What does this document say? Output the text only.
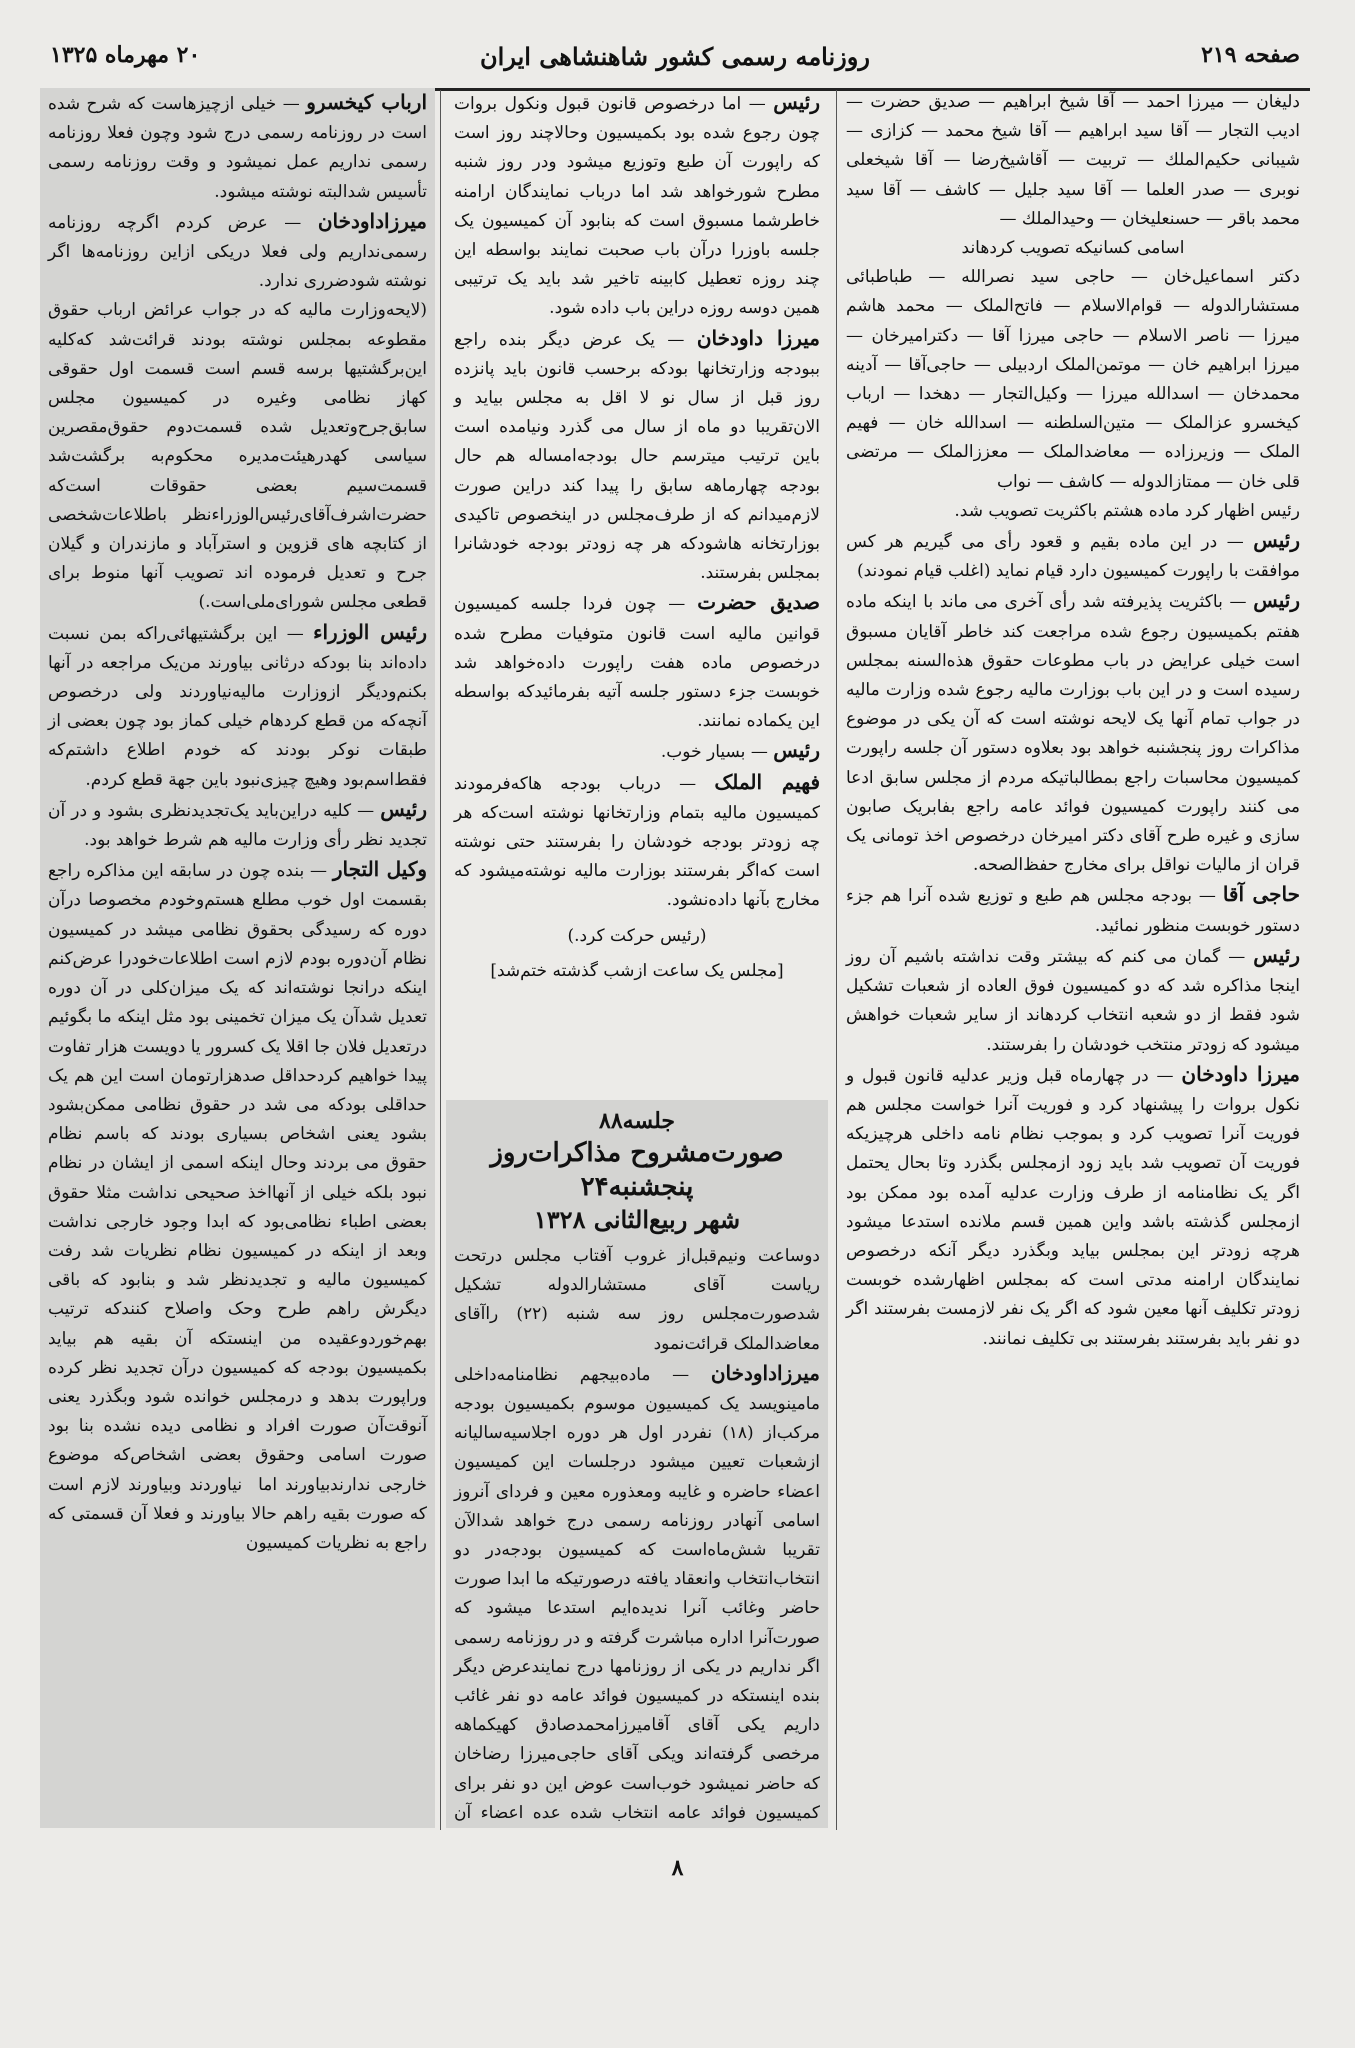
صفحه ۲۱۹
روزنامه رسمی کشور شاهنشاهی ایران
۲۰ مهرماه ۱۳۲۵

دليغان — ميرزا احمد — آقا شيخ ابراهيم — صديق حضرت — اديب التجار — آقا سيد ابراهيم — آقا شيخ محمد — كزازى — شيبانى حكيم‌الملك — تربيت — آقاشيخ‌رضا — آقا شيخعلى نوبرى — صدر العلما — آقا سيد جليل — كاشف — آقا سيد محمد باقر — حسنعليخان — وحيدالملك —

اسامی کسانیکه تصویب کردهاند

دکتر اسماعیل‌خان — حاجی سید نصرالله — طباطبائی مستشارالدوله — قوام‌الاسلام — فاتح‌الملک — محمد هاشم میرزا — ناصر الاسلام — حاجی میرزا آقا — دکترامیرخان — میرزا ابراهیم خان — موتمن‌الملک اردبیلی — حاجی‌آقا — آدینه محمدخان — اسدالله میرزا — وکیل‌التجار — دهخدا — ارباب کیخسرو عزالملک — متین‌السلطنه — اسدالله خان — فهیم الملک — وزیرزاده — معاضدالملک — معززالملک — مرتضی قلی خان — ممتازالدوله — کاشف — نواب

رئیس اظهار کرد ماده هشتم باکثریت تصویب شد.

رئیس — در این ماده بقیم و قعود رأی می گیریم هر کس موافقت با راپورت کمیسیون دارد قیام نماید (اغلب قیام نمودند)

رئیس — باکثریت پذیرفته شد رأی آخری می ماند با اینکه ماده هفتم بکمیسیون رجوع شده مراجعت کند خاطر آقایان مسبوق است خیلی عرایض در باب مطوعات حقوق هذه‌السنه بمجلس رسیده است و در این باب بوزارت مالیه رجوع شده وزارت مالیه در جواب تمام آنها یک لایحه نوشته است که آن یکی در موضوع مذاکرات روز پنجشنبه خواهد بود بعلاوه دستور آن جلسه راپورت کمیسیون محاسبات راجع بمطالباتیکه مردم از مجلس سابق ادعا می کنند راپورت کمیسیون فوائد عامه راجع بفابریک صابون سازی و غیره طرح آقای دکتر امیرخان درخصوص اخذ تومانی یک قران از مالیات نواقل برای مخارج حفظ‌الصحه.

حاجی آقا — بودجه مجلس هم طبع و توزیع شده آنرا هم جزء دستور خوبست منظور نمائید.

رئیس — گمان می کنم که بیشتر وقت نداشته باشیم آن روز اینجا مذاکره شد که دو کمیسیون فوق العاده از شعبات تشکیل شود فقط از دو شعبه انتخاب کردهاند از سایر شعبات خواهش میشود که زودتر منتخب خودشان را بفرستند.

میرزا داودخان — در چهارماه قبل وزیر عدلیه قانون قبول و نکول بروات را پیشنهاد کرد و فوریت آنرا خواست مجلس هم فوریت آنرا تصویب کرد و بموجب نظام نامه داخلی هرچیزیکه فوریت آن تصویب شد باید زود ازمجلس بگذرد وتا بحال یحتمل اگر یک نظامنامه از طرف وزارت عدلیه آمده بود ممکن بود ازمجلس گذشته باشد واین همین قسم ملانده استدعا میشود هرچه زودتر این بمجلس بیاید وبگذرد دیگر آنکه درخصوص نمایندگان ارامنه مدتی است که بمجلس اظهارشده خوبست زودتر تکلیف آنها معین شود که اگر یک نفر لازمست بفرستند اگر دو نفر باید بفرستند بفرستند بی تکلیف نمانند.

رئیس — اما درخصوص قانون قبول ونکول بروات چون رجوع شده بود بکمیسیون وحالاچند روز است که راپورت آن طبع وتوزیع میشود ودر روز شنبه مطرح شورخواهد شد اما درباب نمایندگان ارامنه خاطرشما مسبوق است که بنابود آن کمیسیون یک جلسه باوزرا درآن باب صحبت نمایند بواسطه این چند روزه تعطیل کابینه تاخیر شد باید یک ترتیبی همین دوسه روزه دراین باب داده شود.

میرزا داودخان — یک عرض دیگر بنده راجع ببودجه وزارتخانها بودکه برحسب قانون باید پانزده روز قبل از سال نو لا اقل به مجلس بیاید و الان‌تقریبا دو ماه از سال می گذرد ونیامده است باین ترتیب میترسم حال بودجه‌امساله هم حال بودجه چهارماهه سابق را پیدا کند دراین صورت لازم‌میدانم که از طرف‌مجلس در اینخصوص تاکیدی بوزارتخانه هاشودکه هر چه زودتر بودجه خودشانرا بمجلس بفرستند.

صدیق حضرت — چون فردا جلسه کمیسیون قوانین مالیه است قانون متوفیات مطرح شده درخصوص ماده هفت راپورت داده‌خواهد شد خوبست جزء دستور جلسه آتیه بفرمائیدکه بواسطه این یکماده نمانند.

رئیس — بسیار خوب.

فهیم الملک — درباب بودجه هاکه‌فرمودند کمیسیون مالیه بتمام وزارتخانها نوشته است‌که هر چه زودتر بودجه خودشان را بفرستند حتی نوشته است که‌اگر بفرستند بوزارت مالیه نوشته‌میشود که مخارج بآنها داده‌نشود.

(رئیس حرکت کرد.)

[مجلس یک ساعت ازشب گذشته ختم‌شد]

جلسه۸۸
صورت‌مشروح مذاکرات‌روز پنجشنبه۲۴
شهر ربیع‌الثانی ۱۳۲۸

دوساعت ونیم‌قبل‌از غروب آفتاب مجلس درتحت ریاست آقای مستشارالدوله تشکیل شدصورت‌مجلس روز سه شنبه (۲۲) راآقای معاضدالملک قرائت‌نمود

میرزاداودخان — ماده‌بیجهم نظامنامه‌داخلی مامینویسد یک کمیسیون موسوم بکمیسیون بودجه مرکب‌از (۱۸) نفردر اول هر دوره اجلاسیه‌سالیانه ازشعبات تعیین میشود درجلسات این کمیسیون اعضاء حاضره و غایبه ومعذوره معین و فردای آنروز اسامی آنهادر روزنامه رسمی درج خواهد شد‌الآن تقریبا شش‌ماه‌است که کمیسیون بودجه‌در دو انتخاب‌انتخاب وانعقاد یافته درصورتیکه ما ابدا صورت حاضر وغائب آنرا ندیده‌ایم استدعا میشود که صورت‌آنرا اداره مباشرت گرفته و در روزنامه رسمی اگر نداریم در یکی از روزنامها درج نمایندعرض دیگر بنده اینستکه در کمیسیون فوائد عامه دو نفر غائب داریم یکی آقای آقامیرزامحمدصادق کهیکماهه مرخصی گرفته‌اند ویکی آقای حاجی‌میرزا رضاخان که حاضر نمیشود خوب‌است عوض این دو نفر برای کمیسیون فوائد عامه انتخاب شده عده اعضاء آن

ارباب کیخسرو — خیلی ازچیزهاست که شرح شده است در روزنامه رسمی درج شود وچون فعلا روزنامه رسمی نداریم عمل نمیشود و وقت روزنامه رسمی تأسیس شدالبته نوشته میشود.

میرزاداودخان — عرض کردم اگرچه روزنامه رسمی‌نداریم ولی فعلا دریکی ازاین روزنامه‌ها اگر نوشته شودضرری ندارد.

(لایحه‌وزارت مالیه که در جواب عرائض ارباب حقوق مقطوعه بمجلس نوشته بودند قرائت‌شد که‌کلیه این‌برگشتیها برسه قسم است قسمت اول حقوقی کهاز نظامی وغیره در کمیسیون مجلس سابق‌جرح‌وتعدیل شده قسمت‌دوم حقوق‌مقصرین سیاسی کهدرهیئت‌مدیره محکوم‌به برگشت‌شد قسمت‌سیم بعضی حقوقات است‌که حضرت‌اشرف‌آقای‌رئیس‌الوزراءنظر باطلاعات‌شخصی از کتابچه های قزوین و استرآباد و مازندران و گیلان جرح و تعدیل فرموده اند تصویب آنها منوط برای قطعی مجلس شورای‌ملی‌است.)

رئیس الوزراء — این برگشتیهائی‌راکه بمن نسبت داده‌اند بنا بودکه درثانی بیاورند من‌یک مراجعه در آنها بکنم‌ودیگر ازوزارت مالیه‌نیاوردند ولی درخصوص آنچه‌که من قطع کردهام خیلی کماز بود چون بعضی از طبقات نوکر بودند که خودم اطلاع داشتم‌که فقط‌اسم‌بود وهیچ‌ چیزی‌نبود باین جهة قطع کردم.

رئیس — کلیه دراین‌باید یک‌تجدیدنظری بشود و در آن تجدید نظر رأی وزارت مالیه هم شرط خواهد بود.

وکیل التجار — بنده چون در سابقه این مذاکره راجع بقسمت اول خوب مطلع هستم‌وخودم مخصوصا درآن دوره که رسیدگی بحقوق نظامی میشد در کمیسیون نظام آن‌دوره بودم لازم است اطلاعات‌خودرا عرض‌کنم اینکه درانجا نوشته‌اند که یک میزان‌کلی در آن دوره تعدیل شدآن یک میزان تخمینی بود مثل اینکه ما بگوئیم در‌تعدیل فلان جا اقلا یک کسرور یا دویست هزار تفاوت پیدا خواهیم کردحداقل صدهزارتومان است این هم یک حداقلی بودکه می شد در حقوق نظامی ممکن‌بشود بشود یعنی اشخاص بسیاری بودند که باسم نظام حقوق می بردند وحال اینکه اسمی از ایشان در نظام نبود بلکه خیلی از آنها‌اخذ صحیحی نداشت مثلا حقوق بعضی اطباء نظامی‌بود که ابدا وجود خارجی نداشت وبعد از اینکه در کمیسیون نظام نظریات شد رفت کمیسیون مالیه و تجدید‌نظر شد و بنابود که باقی دیگرش راهم طرح وحک واصلاح کنندکه ترتیب بهم‌خورد‌و‌عقیده من اینستکه آن بقیه هم بیاید بکمیسیون بودجه که کمیسیون درآن تجدید نظر کرده وراپورت بدهد و درمجلس خوانده شود وبگذرد یعنی آنوقت‌آن صورت افراد و نظامی دیده نشده بنا بود صورت اسامی وحقوق بعضی اشخاص‌که موضوع خارجی ندارند‌بیاورند‌ اما ‌ نیاوردند وبیاورند لازم است که صورت بقیه راهم حالا بیاورند و فعلا آن قسمتی که راجع به نظریات کمیسیون

۸
